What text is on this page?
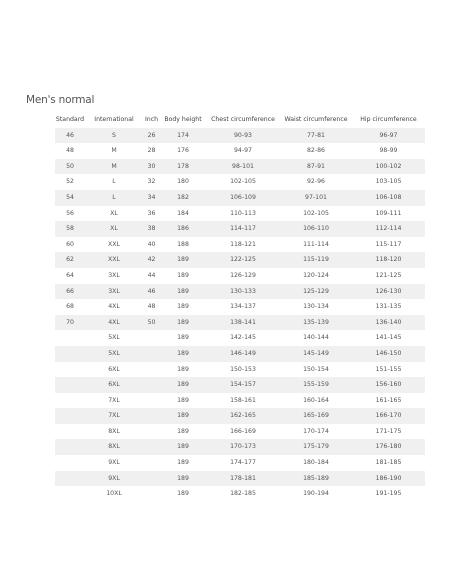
Men's normal
Standard	International	Inch	Body height	Chest circumference	Waist circumference	Hip circumference
46	S	26	174	90-93	77-81	96-97
48	M	28	176	94-97	82-86	98-99
50	M	30	178	98-101	87-91	100-102
52	L	32	180	102-105	92-96	103-105
54	L	34	182	106-109	97-101	106-108
56	XL	36	184	110-113	102-105	109-111
58	XL	38	186	114-117	106-110	112-114
60	XXL	40	188	118-121	111-114	115-117
62	XXL	42	189	122-125	115-119	118-120
64	3XL	44	189	126-129	120-124	121-125
66	3XL	46	189	130-133	125-129	126-130
68	4XL	48	189	134-137	130-134	131-135
70	4XL	50	189	138-141	135-139	136-140
	5XL		189	142-145	140-144	141-145
	5XL		189	146-149	145-149	146-150
	6XL		189	150-153	150-154	151-155
	6XL		189	154-157	155-159	156-160
	7XL		189	158-161	160-164	161-165
	7XL		189	162-165	165-169	166-170
	8XL		189	166-169	170-174	171-175
	8XL		189	170-173	175-179	176-180
	9XL		189	174-177	180-184	181-185
	9XL		189	178-181	185-189	186-190
	10XL		189	182-185	190-194	191-195
